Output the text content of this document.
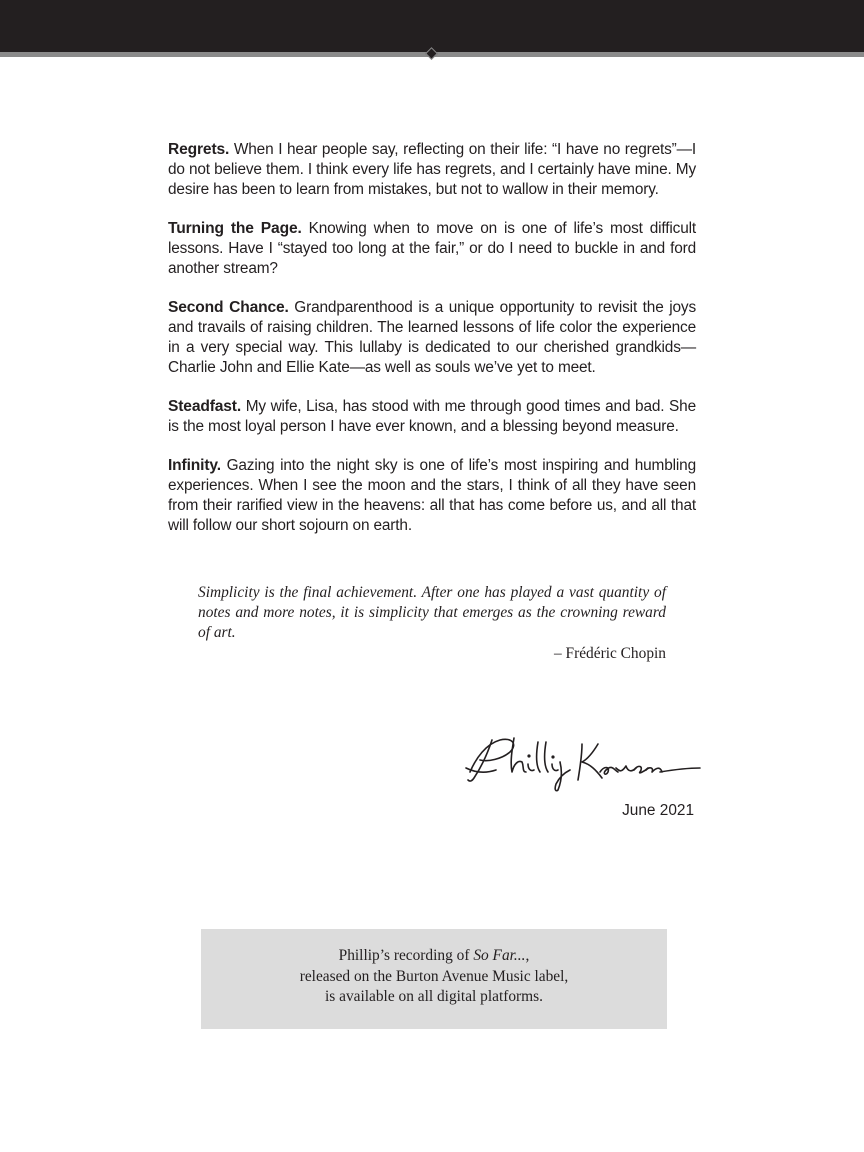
Regrets. When I hear people say, reflecting on their life: “I have no regrets”—I do not believe them. I think every life has regrets, and I certainly have mine. My desire has been to learn from mistakes, but not to wallow in their memory.

Turning the Page. Knowing when to move on is one of life’s most difficult lessons. Have I “stayed too long at the fair,” or do I need to buckle in and ford another stream?

Second Chance. Grandparenthood is a unique opportunity to revisit the joys and travails of raising children. The learned lessons of life color the experience in a very special way. This lullaby is dedicated to our cherished grandkids—Charlie John and Ellie Kate—as well as souls we’ve yet to meet.

Steadfast. My wife, Lisa, has stood with me through good times and bad. She is the most loyal person I have ever known, and a blessing beyond measure.

Infinity. Gazing into the night sky is one of life’s most inspiring and humbling experiences. When I see the moon and the stars, I think of all they have seen from their rarified view in the heavens: all that has come before us, and all that will follow our short sojourn on earth.

Simplicity is the final achievement. After one has played a vast quantity of notes and more notes, it is simplicity that emerges as the crowning reward of art.

– Frédéric Chopin

June 2021
Phillip’s recording of So Far...,
released on the Burton Avenue Music label,
is available on all digital platforms.
